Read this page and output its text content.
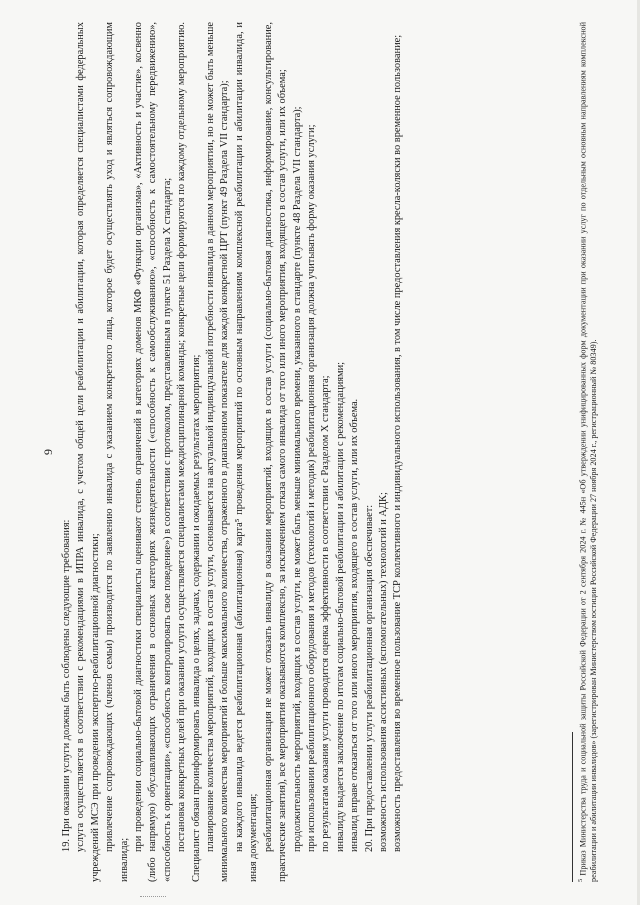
9

19. При оказании услуги должны быть соблюдены следующие требования: услуга осуществляется в соответствии с рекомендациями в ИПРА инвалида, с учетом общей цели реабилитации и абилитации, которая определяется специалистами федеральных учреждений МСЭ при проведении экспертно-реабилитационной диагностики; привлечение сопровождающих (членов семьи) производится по заявлению инвалида с указанием конкретного лица, которое будет осуществлять уход и являться сопровождающим инвалида;

при проведении социально-бытовой диагностики специалисты оценивают степень ограничений в категориях доменов МКФ «Функции организма», «Активность и участие», косвенно (либо напрямую) обуславливающих ограничения в основных категориях жизнедеятельности («способность к самообслуживанию», «способность к самостоятельному передвижению», «способность к ориентации», «способность контролировать свое поведение») в соответствии с протоколом, представленным в пункте 51 Раздела X стандарта; постановка конкретных целей при оказании услуги осуществляется специалистами междисциплинарной команды; конкретные цели формируются по каждому отдельному мероприятию. Специалист обязан проинформировать инвалида о целях, задачах, содержании и ожидаемых результатах мероприятия; планирование количества мероприятий, входящих в состав услуги, основывается на актуальной индивидуальной потребности инвалида в данном мероприятии, но не может быть меньше минимального количества мероприятий и больше максимального количества, отраженного в диапазонном показателе для каждой конкретной ЦРТ (пункт 49 Раздела VII стандарта); на каждого инвалида ведется реабилитационная (абилитационная) карта⁵ проведения мероприятий по основным направлениям комплексной реабилитации и абилитации инвалида, и иная документация; реабилитационная организация не может отказать инвалиду в оказании мероприятий, входящих в состав услуги (социально-бытовая диагностика, информирование, консультирование, практические занятия), все мероприятия оказываются комплексно, за исключением отказа самого инвалида от того или иного мероприятия, входящего в состав услуги, или их объема; продолжительность мероприятий, входящих в состав услуги, не может быть меньше минимального времени, указанного в стандарте (пункте 48 Раздела VII стандарта); при использовании реабилитационного оборудования и методов (технологий и методик) реабилитационная организация должна учитывать форму оказания услуги; по результатам оказания услуги проводится оценка эффективности в соответствии с Разделом X стандарта; инвалиду выдается заключение по итогам социально-бытовой реабилитации и абилитации с рекомендациями; инвалид вправе отказаться от того или иного мероприятия, входящего в состав услуги, или их объема. 20. При предоставлении услуги реабилитационная организация обеспечивает: возможность использования ассистивных (вспомогательных) технологий и АДК; возможность предоставления во временное пользование ТСР коллективного и индивидуального использования, в том числе предоставления кресла-коляски во временное пользование;

$^5$ Приказ Министерства труда и социальной защиты Российской Федерации от 2 сентября 2024 г. № 445н «Об утверждении унифицированных форм документации при оказании услуг по отдельным основным направлениям комплексной реабилитации и абилитации инвалидов» (зарегистрирован Министерством юстиции Российской Федерации 27 ноября 2024 г., регистрационный № 80349).
